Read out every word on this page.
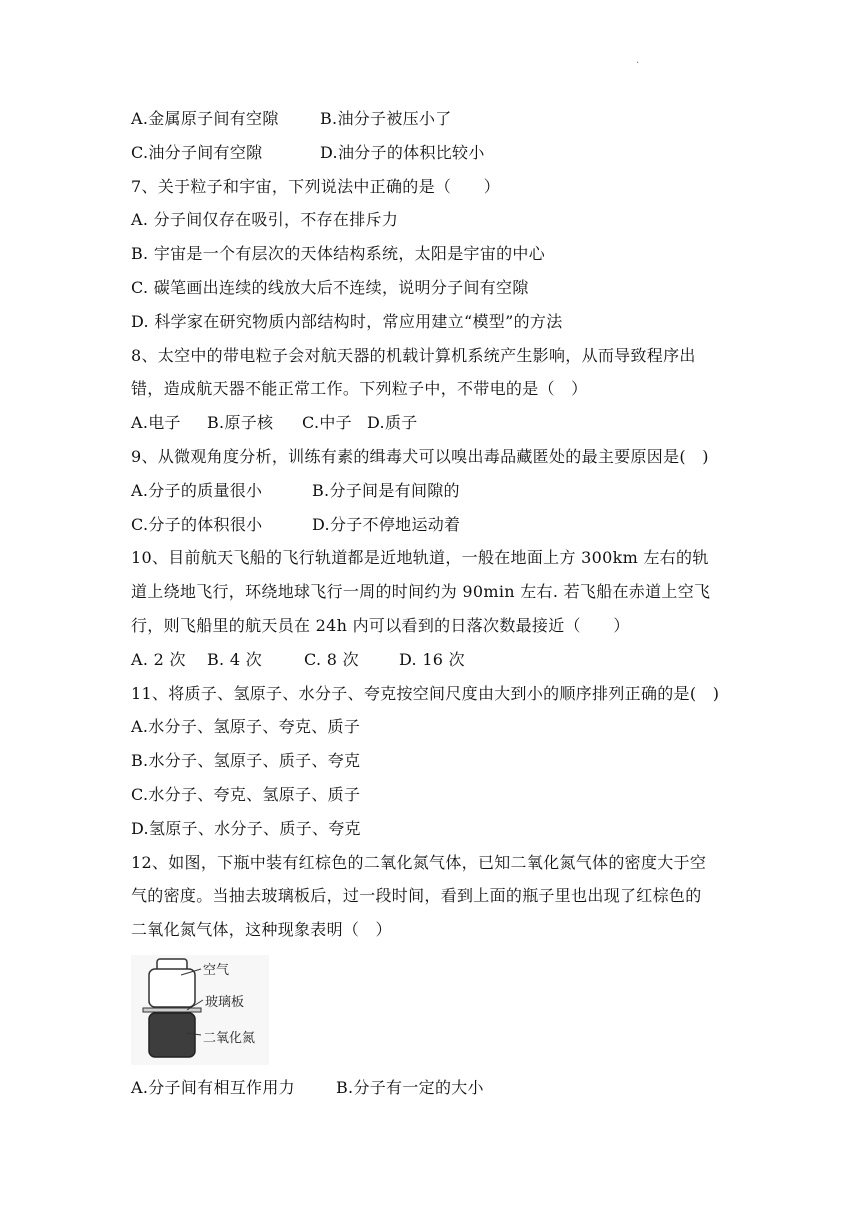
·
A.金属原子间有空隙	B.油分子被压小了
C.油分子间有空隙	D.油分子的体积比较小
7、关于粒子和宇宙，下列说法中正确的是（　　）
A. 分子间仅存在吸引，不存在排斥力
B. 宇宙是一个有层次的天体结构系统，太阳是宇宙的中心
C. 碳笔画出连续的线放大后不连续，说明分子间有空隙
D. 科学家在研究物质内部结构时，常应用建立“模型”的方法
8、太空中的带电粒子会对航天器的机载计算机系统产生影响，从而导致程序出
错，造成航天器不能正常工作。下列粒子中，不带电的是（　）
A.电子 B.原子核 C.中子 D.质子
9、从微观角度分析，训练有素的缉毒犬可以嗅出毒品藏匿处的最主要原因是(　)
A.分子的质量很小	B.分子间是有间隙的
C.分子的体积很小	D.分子不停地运动着
10、目前航天飞船的飞行轨道都是近地轨道，一般在地面上方 300km 左右的轨
道上绕地飞行，环绕地球飞行一周的时间约为 90min 左右. 若飞船在赤道上空飞
行，则飞船里的航天员在 24h 内可以看到的日落次数最接近（　　）
A. 2 次 B. 4 次	C. 8 次	D. 16 次
11、将质子、氢原子、水分子、夸克按空间尺度由大到小的顺序排列正确的是(　)
A.水分子、氢原子、夸克、质子
B.水分子、氢原子、质子、夸克
C.水分子、夸克、氢原子、质子
D.氢原子、水分子、质子、夸克
12、如图，下瓶中装有红棕色的二氧化氮气体，已知二氧化氮气体的密度大于空
气的密度。当抽去玻璃板后，过一段时间，看到上面的瓶子里也出现了红棕色的
二氧化氮气体，这种现象表明（　）
空气
玻璃板
二氧化氮
A.分子间有相互作用力	B.分子有一定的大小
